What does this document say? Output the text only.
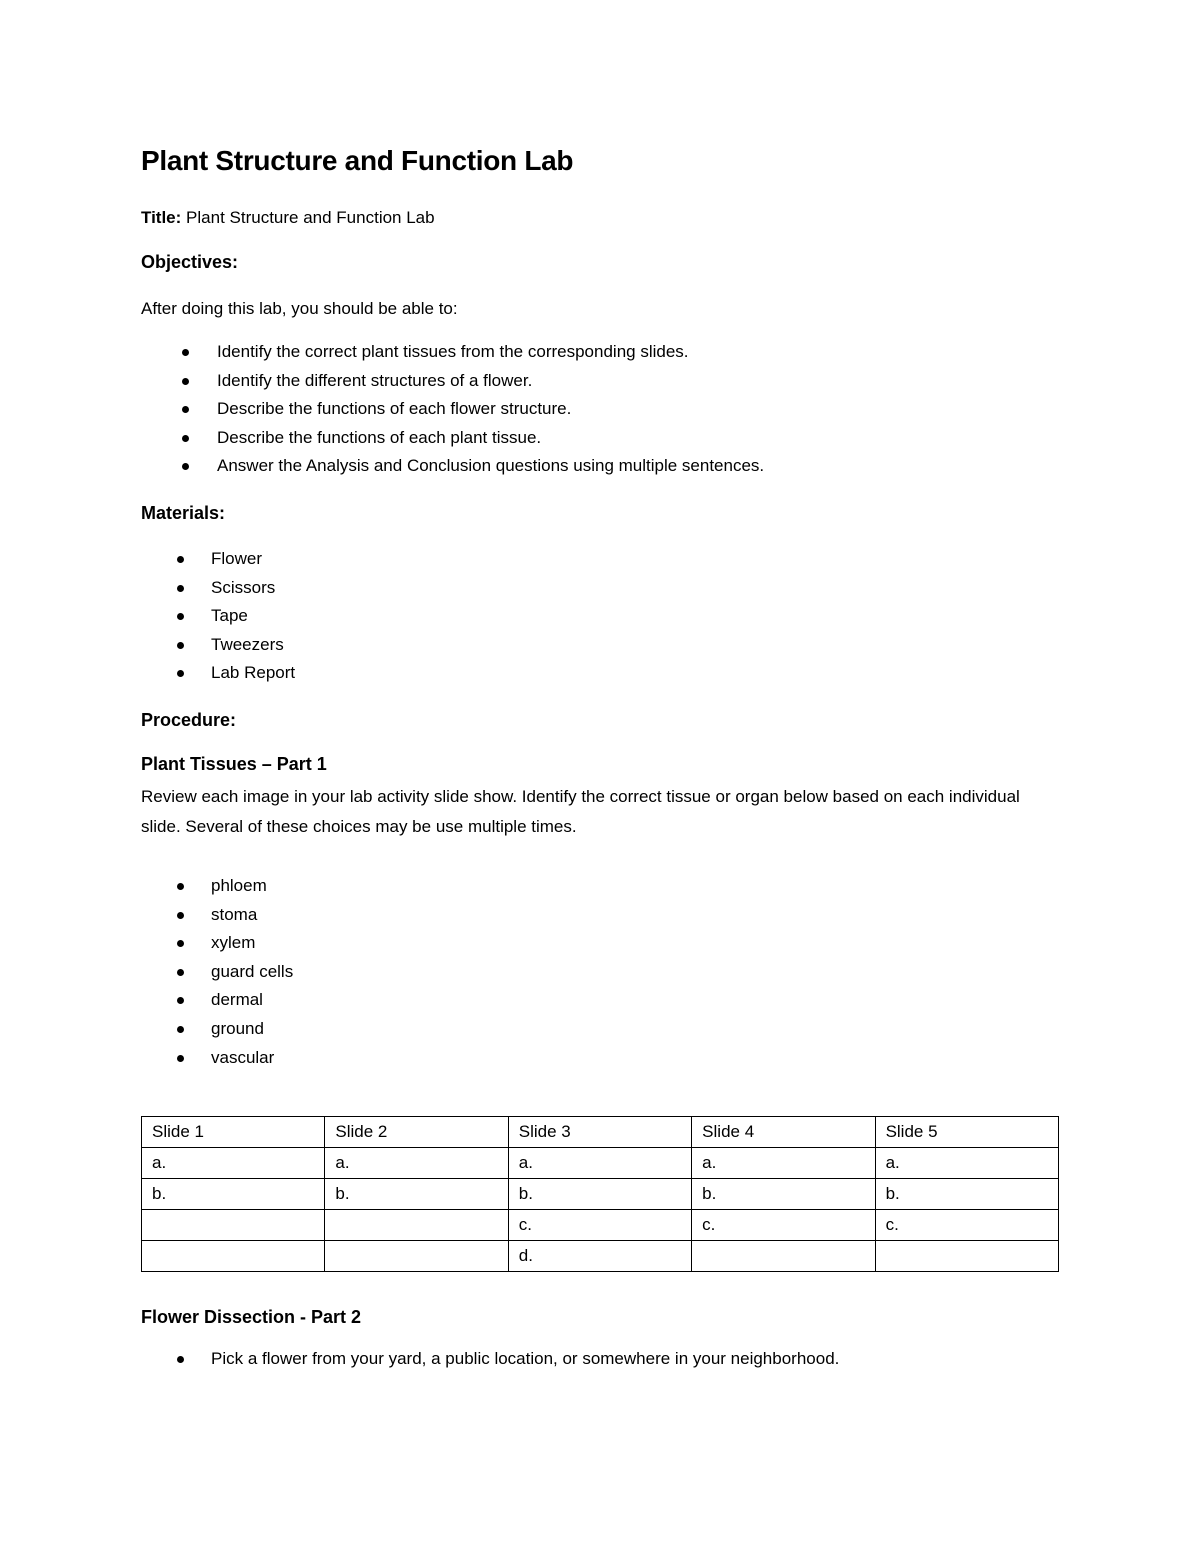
Plant Structure and Function Lab

Title: Plant Structure and Function Lab

Objectives:

After doing this lab, you should be able to:

Identify the correct plant tissues from the corresponding slides.
Identify the different structures of a flower.
Describe the functions of each flower structure.
Describe the functions of each plant tissue.
Answer the Analysis and Conclusion questions using multiple sentences.

Materials:

Flower
Scissors
Tape
Tweezers
Lab Report

Procedure:

Plant Tissues – Part 1

Review each image in your lab activity slide show. Identify the correct tissue or organ below based on each individual slide. Several of these choices may be use multiple times.

phloem
stoma
xylem
guard cells
dermal
ground
vascular
Slide 1	Slide 2	Slide 3	Slide 4	Slide 5
a.	a.	a.	a.	a.
b.	b.	b.	b.	b.
		c.	c.	c.
		d.		

Flower Dissection - Part 2

Pick a flower from your yard, a public location, or somewhere in your neighborhood.
